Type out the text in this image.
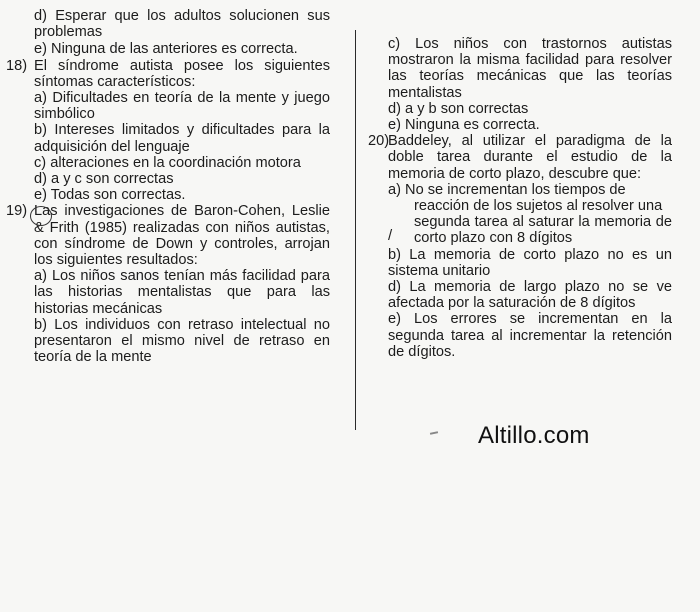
d) Esperar que los adultos solucionen sus problemas

e) Ninguna de las anteriores es correcta.

18) El síndrome autista posee los siguientes síntomas característicos:

a) Dificultades en teoría de la mente y juego simbólico

b) Intereses limitados y dificultades para la adquisición del lenguaje

c) alteraciones en la coordinación motora

d) a y c son correctas

e) Todas son correctas.

19) Las investigaciones de Baron-Cohen, Leslie & Frith (1985) realizadas con niños autistas, con síndrome de Down y controles, arrojan los siguientes resultados:

a) Los niños sanos tenían más facilidad para las historias mentalistas que para las historias mecánicas

b) Los individuos con retraso intelectual no presentaron el mismo nivel de retraso en teoría de la mente

c) Los niños con trastornos autistas mostraron la misma facilidad para resolver las teorías mecánicas que las teorías mentalistas

d) a y b son correctas

e) Ninguna es correcta.

20)

Baddeley, al utilizar el paradigma de la doble tarea durante el estudio de la memoria de corto plazo, descubre que:

a) No se incrementan los tiempos de

reacción de los sujetos al resolver una

segunda tarea al saturar la memoria de corto plazo con 8 dígitos

b) La memoria de corto plazo no es un sistema unitario

d) La memoria de largo plazo no se ve afectada por la saturación de 8 dígitos

e) Los errores se incrementan en la segunda tarea al incrementar la retención de dígitos.

/
Altillo.com
